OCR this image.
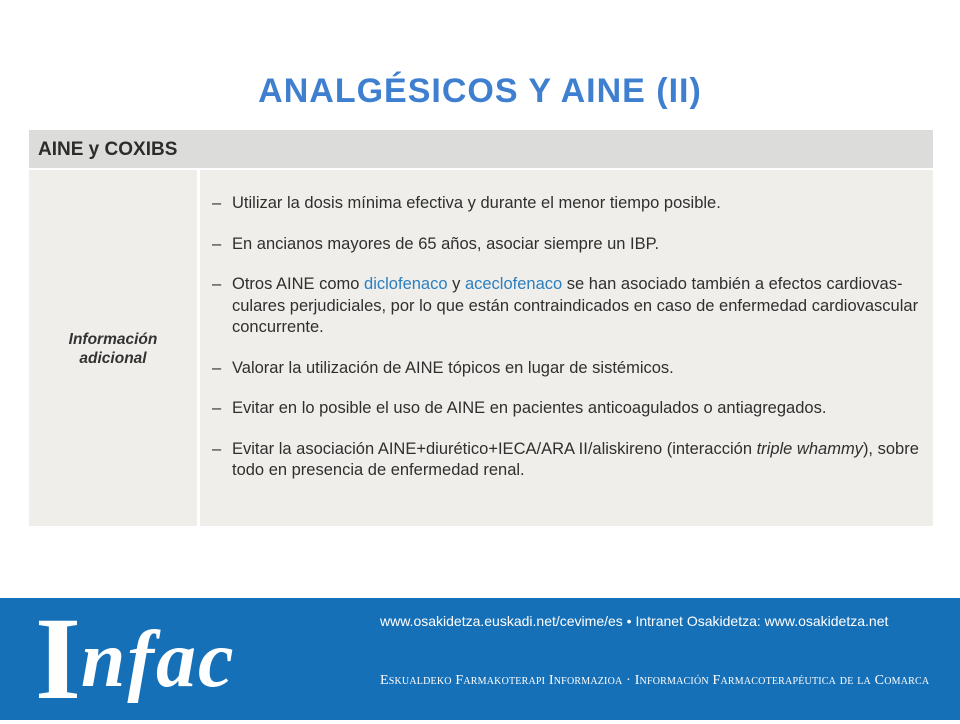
ANALGÉSICOS Y AINE (II)
AINE y COXIBS
Información
adicional
– Utilizar la dosis mínima efectiva y durante el menor tiempo posible.
– En ancianos mayores de 65 años, asociar siempre un IBP.
– Otros AINE como diclofenaco y aceclofenaco se han asociado también a efectos cardiovas-culares perjudiciales, por lo que están contraindicados en caso de enfermedad cardiovascular concurrente.
– Valorar la utilización de AINE tópicos en lugar de sistémicos.
– Evitar en lo posible el uso de AINE en pacientes anticoagulados o antiagregados.
– Evitar la asociación AINE+diurético+IECA/ARA II/aliskireno (interacción triple whammy), sobre todo en presencia de enfermedad renal.
Infac	www.osakidetza.euskadi.net/cevime/es • Intranet Osakidetza: www.osakidetza.net
Eskualdeko Farmakoterapi Informazioa · Información Farmacoterapéutica de la Comarca
